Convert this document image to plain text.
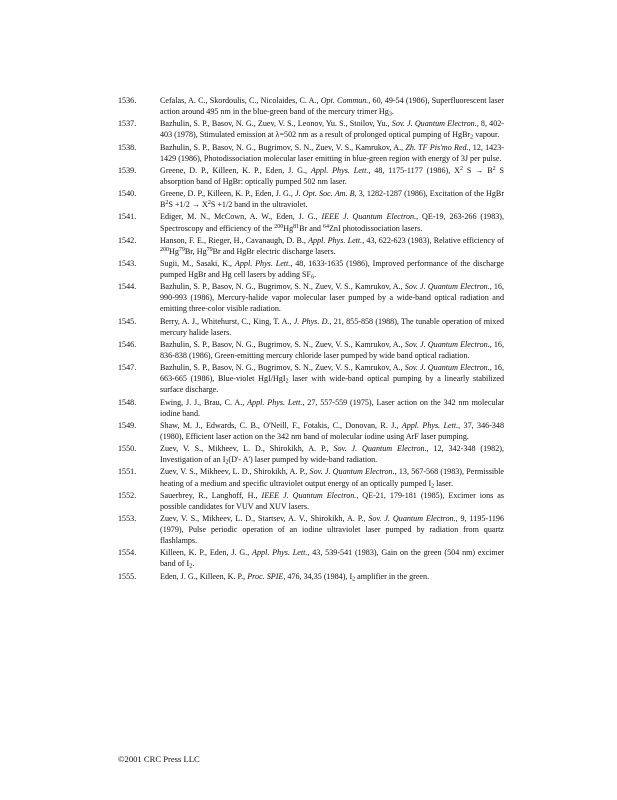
1536.	Cefalas, A. C., Skordoulis, C., Nicolaides, C. A., Opt. Commun., 60, 49-54 (1986), Superfluorescent laser action around 495 nm in the blue-green band of the mercury trimer $Hg_3$.
1537.	Bazhulin, S. P., Basov, N. G., Zuev, V. S., Leonov, Yu. S., Stoilov, Yu., Sov. J. Quantum Electron., 8, 402-403 (1978), Stimulated emission at λ=502 nm as a result of prolonged optical pumping of HgBr$_2$ vapour.
1538.	Bazhulin, S. P., Basov, N. G., Bugrimov, S. N., Zuev, V. S., Kamrukov, A., Zh. TF Pis'mo Red., 12, 1423-1429 (1986), Photodissociation molecular laser emitting in blue-green region with energy of 3J per pulse.
1539.	Greene, D. P., Killeen, K. P., Eden, J. G., Appl. Phys. Lett., 48, 1175-1177 (1986), $X^2$ $S \to B^2$ S absorption band of HgBr: optically pumped 502 nm laser.
1540.	Greene, D. P., Killeen, K. P., Eden, J. G., J. Opt. Soc. Am. B, 3, 1282-1287 (1986), Excitation of the HgBr $B^2S +1/2 \to X^2S +1/2$ band in the ultraviolet.
1541.	Ediger, M. N., McCown, A. W., Eden, J. G., IEEE J. Quantum Electron., QE-19, 263-266 (1983), Spectroscopy and efficiency of the $^{200}$Hg$^{81}$Br and $^{64}$ZnI photodissociation lasers.
1542.	Hanson, F. E., Rieger, H., Cavanaugh, D. B., Appl. Phys. Lett., 43, 622-623 (1983), Relative efficiency of $^{200}$Hg$^{79}$Br, Hg$^{79}$Br and HgBr electric discharge lasers.
1543.	Sugii, M., Sasaki, K., Appl. Phys. Lett., 48, 1633-1635 (1986), Improved performance of the discharge pumped HgBr and Hg cell lasers by adding $SF_6$.
1544.	Bazhulin, S. P., Basov, N. G., Bugrimov, S. N., Zuev, V. S., Kamrukov, A., Sov. J. Quantum Electron., 16, 990-993 (1986), Mercury-halide vapor molecular laser pumped by a wide-band optical radiation and emitting three-color visible radiation.
1545.	Berry, A. J., Whitehurst, C., King, T. A., J. Phys. D., 21, 855-858 (1988), The tunable operation of mixed mercury halide lasers.
1546.	Bazhulin, S. P., Basov, N. G., Bugrimov, S. N., Zuev, V. S., Kamrukov, A., Sov. J. Quantum Electron., 16, 836-838 (1986), Green-emitting mercury chloride laser pumped by wide band optical radiation.
1547.	Bazhulin, S. P., Basov, N. G., Bugrimov, S. N., Zuev, V. S., Kamrukov, A., Sov. J. Quantum Electron., 16, 663-665 (1986), Blue-violet HgI/HgI$_2$ laser with wide-band optical pumping by a linearly stabilized surface discharge.
1548.	Ewing, J. J., Brau, C. A., Appl. Phys. Lett., 27, 557-559 (1975), Laser action on the 342 nm molecular iodine band.
1549.	Shaw, M. J., Edwards, C. B., O'Neill, F., Fotakis, C., Donovan, R. J., Appl. Phys. Lett., 37, 346-348 (1980), Efficient laser action on the 342 nm band of molecular iodine using ArF laser pumping.
1550.	Zuev, V. S., Mikheev, L. D., Shirokikh, A. P., Sov. J. Quantum Electron., 12, 342-348 (1982), Investigation of an $I_2(D'-$ A') laser pumped by wide-band radiation.
1551.	Zuev, V. S., Mikheev, L. D., Shirokikh, A. P., Sov. J. Quantum Electron., 13, 567-568 (1983), Permissible heating of a medium and specific ultraviolet output energy of an optically pumped $I_2$ laser.
1552.	Sauerbrey, R., Langhoff, H., IEEE J. Quantum Electron., QE-21, 179-181 (1985), Excimer ions as possible candidates for VUV and XUV lasers.
1553.	Zuev, V. S., Mikheev, L. D., Startsev, A. V., Shirokikh, A. P., Sov. J. Quantum Electron., 9, 1195-1196 (1979), Pulse periodic operation of an iodine ultraviolet laser pumped by radiation from quartz flashlamps.
1554.	Killeen, K. P., Eden, J. G., Appl. Phys. Lett., 43, 539-541 (1983), Gain on the green (504 nm) excimer band of $I_2$.
1555.	Eden, J. G., Killeen, K. P., Proc. SPIE, 476, 34,35 (1984), $I_2$ amplifier in the green.
©2001 CRC Press LLC
